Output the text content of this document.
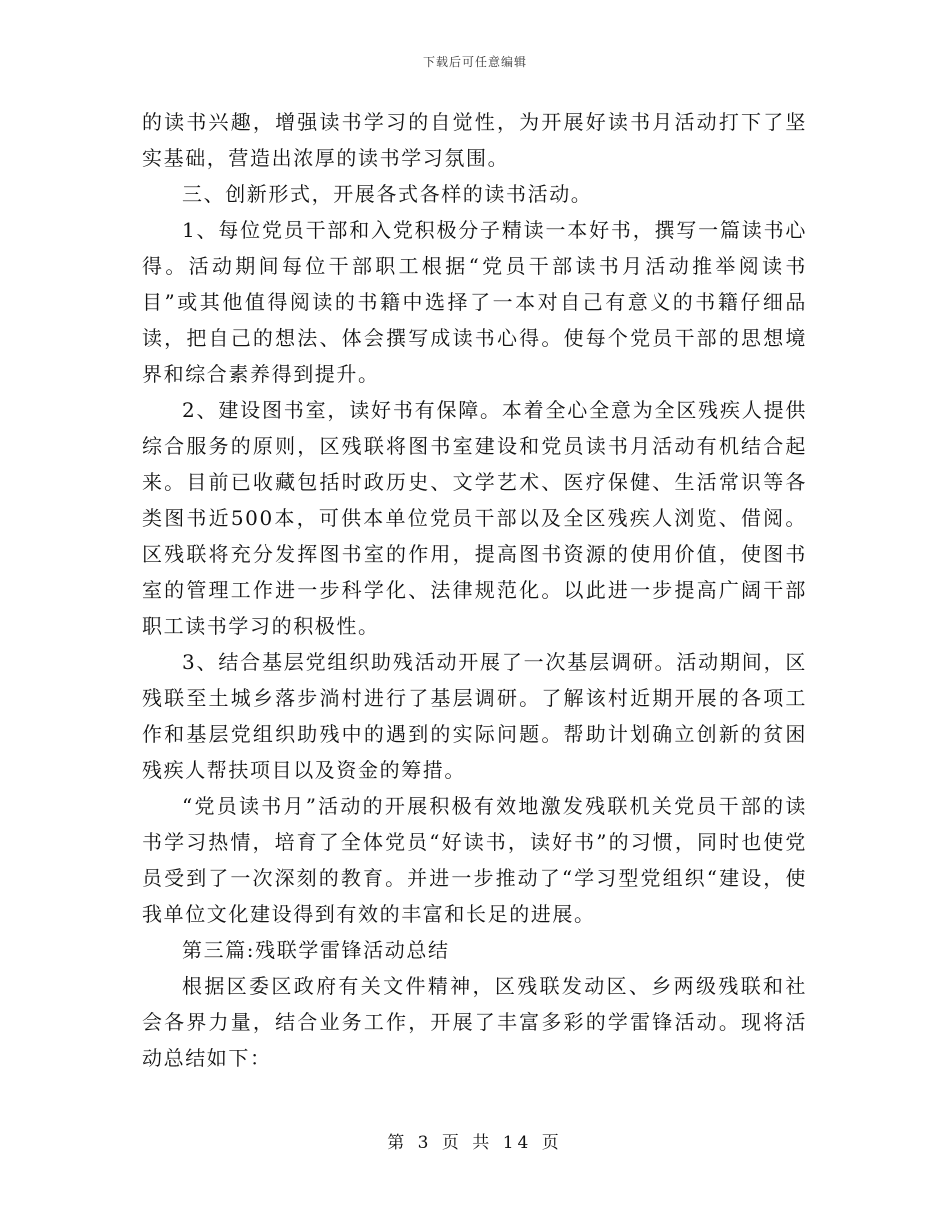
下载后可任意编辑

的读书兴趣，增强读书学习的自觉性，为开展好读书月活动打下了坚实基础，营造出浓厚的读书学习氛围。

三、创新形式，开展各式各样的读书活动。

1、每位党员干部和入党积极分子精读一本好书，撰写一篇读书心得。活动期间每位干部职工根据“党员干部读书月活动推举阅读书目”或其他值得阅读的书籍中选择了一本对自己有意义的书籍仔细品读，把自己的想法、体会撰写成读书心得。使每个党员干部的思想境界和综合素养得到提升。

2、建设图书室，读好书有保障。本着全心全意为全区残疾人提供综合服务的原则，区残联将图书室建设和党员读书月活动有机结合起来。目前已收藏包括时政历史、文学艺术、医疗保健、生活常识等各类图书近500本，可供本单位党员干部以及全区残疾人浏览、借阅。区残联将充分发挥图书室的作用，提高图书资源的使用价值，使图书室的管理工作进一步科学化、法律规范化。以此进一步提高广阔干部职工读书学习的积极性。

3、结合基层党组织助残活动开展了一次基层调研。活动期间，区残联至土城乡落步淌村进行了基层调研。了解该村近期开展的各项工作和基层党组织助残中的遇到的实际问题。帮助计划确立创新的贫困残疾人帮扶项目以及资金的筹措。

“党员读书月”活动的开展积极有效地激发残联机关党员干部的读书学习热情，培育了全体党员“好读书，读好书”的习惯，同时也使党员受到了一次深刻的教育。并进一步推动了“学习型党组织“建设，使我单位文化建设得到有效的丰富和长足的进展。

第三篇:残联学雷锋活动总结

根据区委区政府有关文件精神，区残联发动区、乡两级残联和社会各界力量，结合业务工作，开展了丰富多彩的学雷锋活动。现将活动总结如下：

第 3 页 共 14 页
